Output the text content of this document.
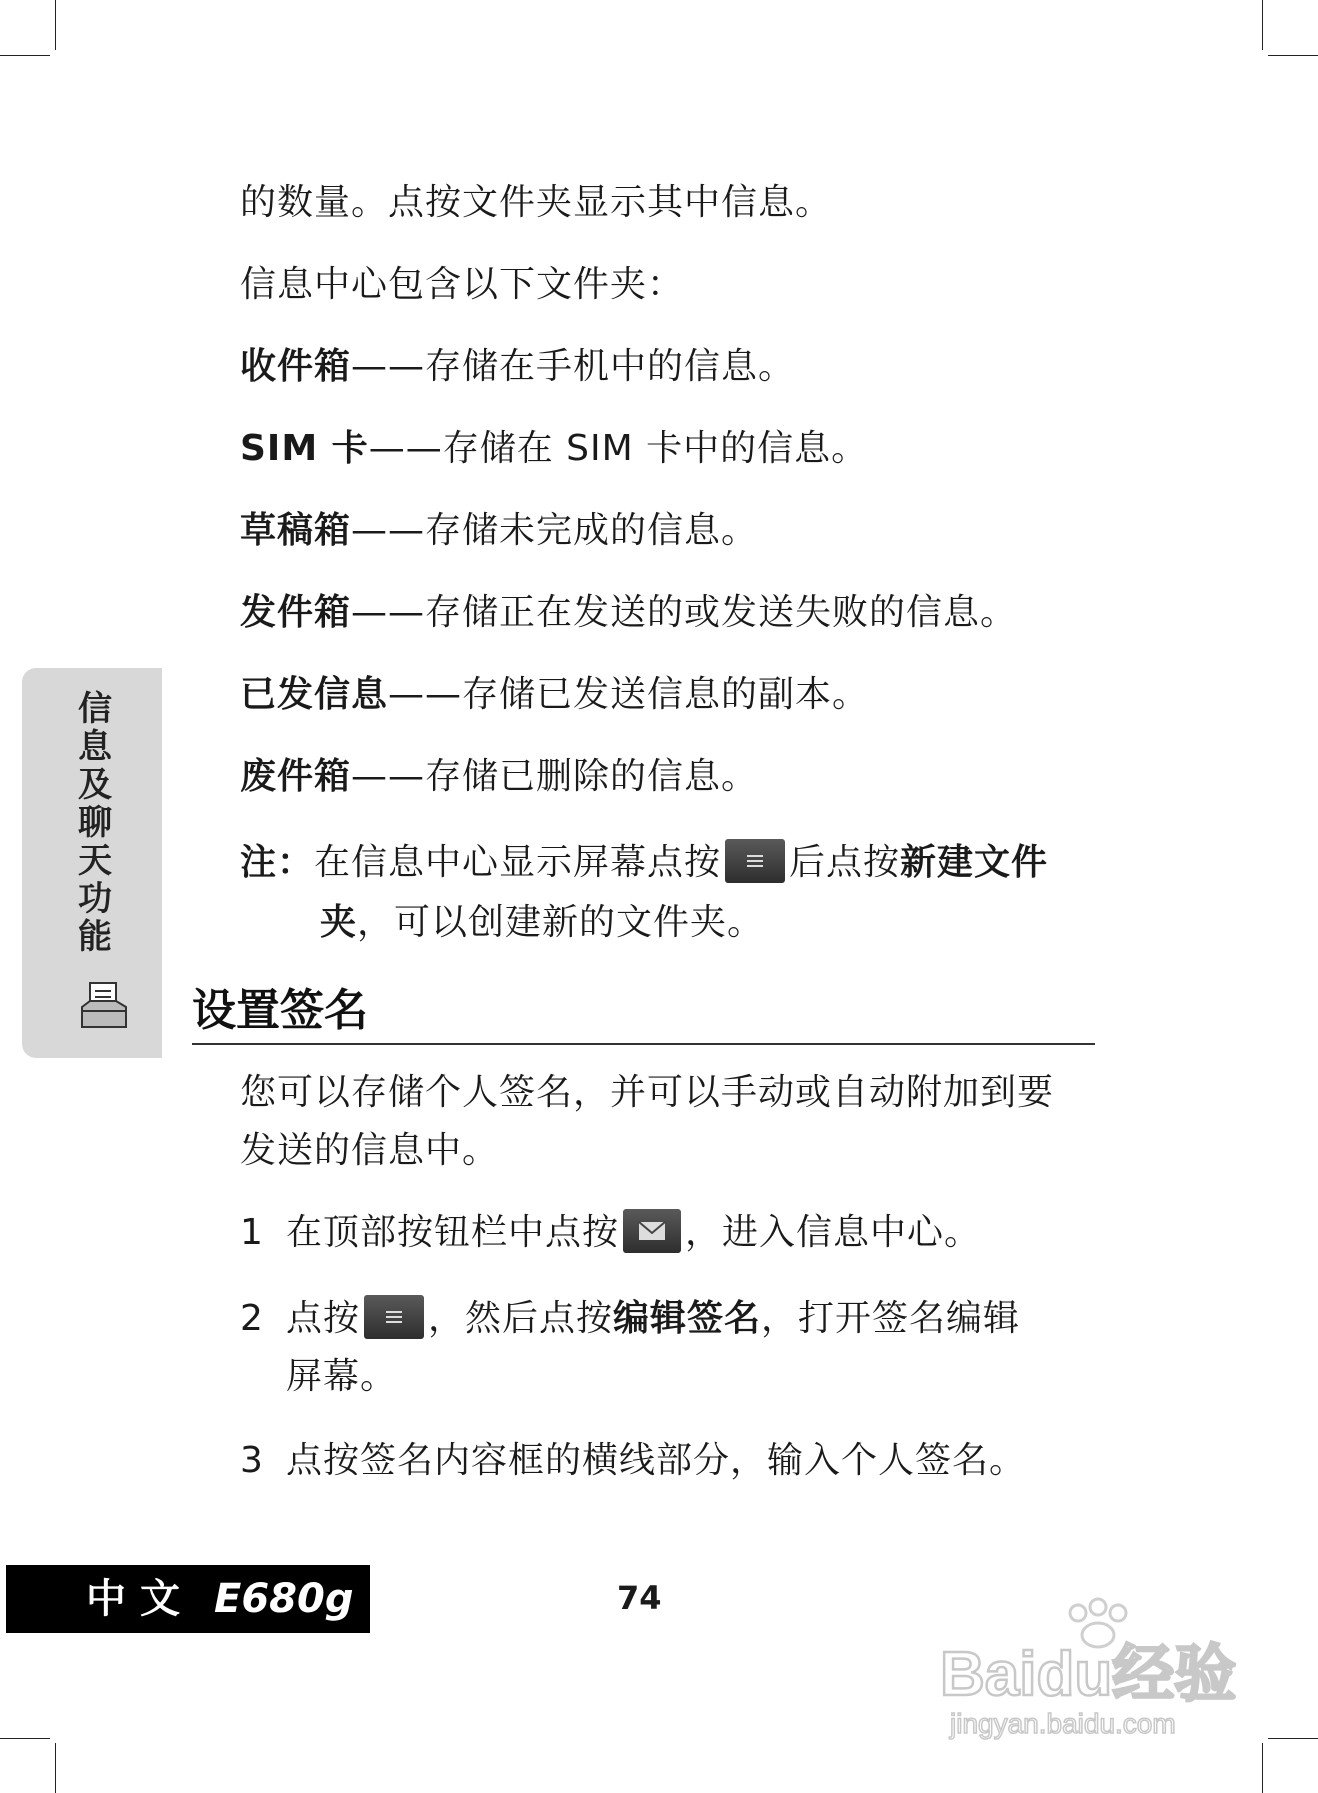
的数量。点按文件夹显示其中信息。
信息中心包含以下文件夹：
收件箱——存储在手机中的信息。
SIM 卡——存储在 SIM 卡中的信息。
草稿箱——存储未完成的信息。
发件箱——存储正在发送的或发送失败的信息。
已发信息——存储已发送信息的副本。
废件箱——存储已删除的信息。
注：在信息中心显示屏幕点按 后点按新建文件
夹，可以创建新的文件夹。
信息及聊天功能
设置签名
您可以存储个人签名，并可以手动或自动附加到要
发送的信息中。
1 在顶部按钮栏中点按 ，进入信息中心。
2 点按 ，然后点按编辑签名，打开签名编辑
屏幕。
3 点按签名内容框的横线部分，输入个人签名。
中文 E680g	74
Baidu经验
jingyan.baidu.com
